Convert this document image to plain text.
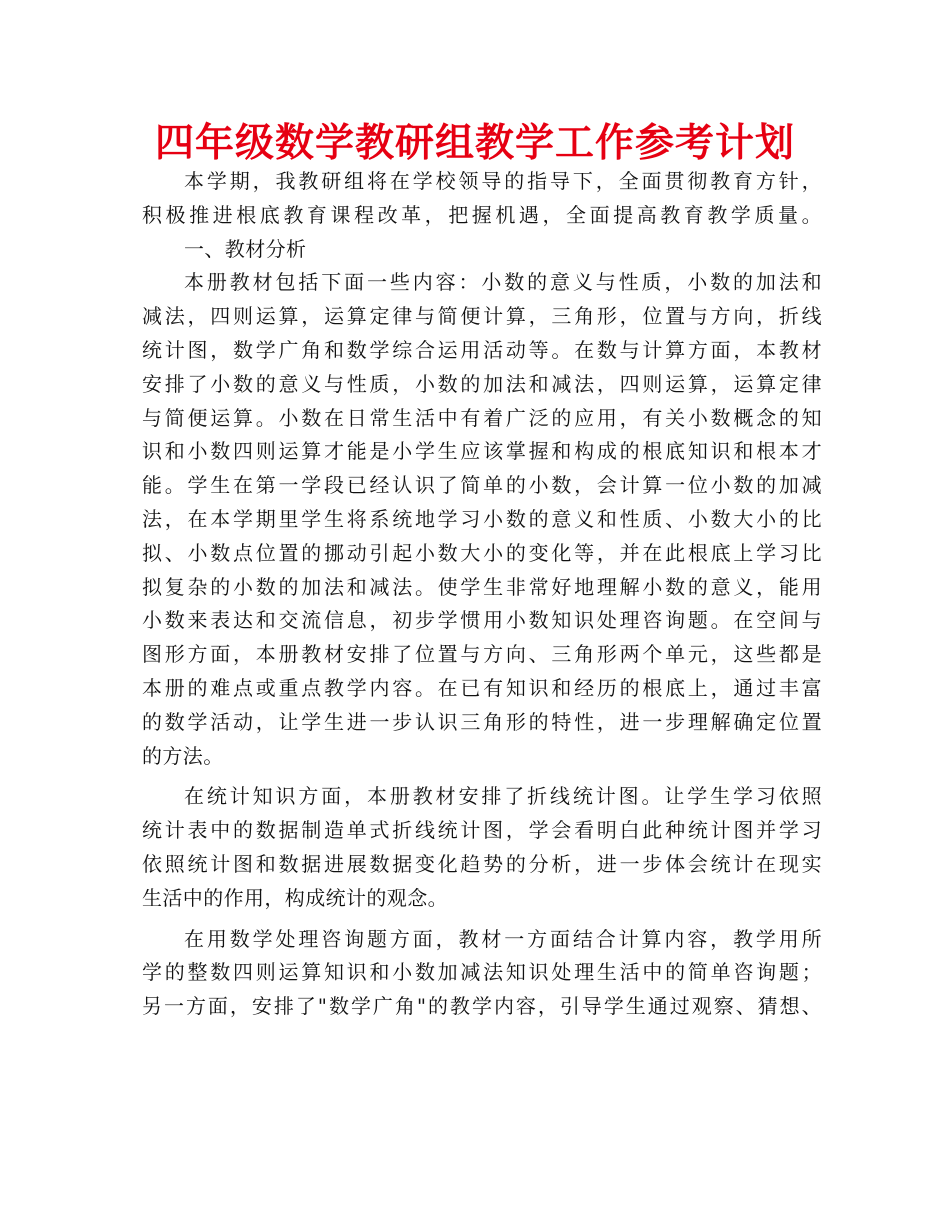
四年级数学教研组教学工作参考计划
本学期，我教研组将在学校领导的指导下，全面贯彻教育方针，
积极推进根底教育课程改革，把握机遇，全面提高教育教学质量。
一、教材分析
本册教材包括下面一些内容：小数的意义与性质，小数的加法和
减法，四则运算，运算定律与简便计算，三角形，位置与方向，折线
统计图，数学广角和数学综合运用活动等。在数与计算方面，本教材
安排了小数的意义与性质，小数的加法和减法，四则运算，运算定律
与简便运算。小数在日常生活中有着广泛的应用，有关小数概念的知
识和小数四则运算才能是小学生应该掌握和构成的根底知识和根本才
能。学生在第一学段已经认识了简单的小数，会计算一位小数的加减
法，在本学期里学生将系统地学习小数的意义和性质、小数大小的比
拟、小数点位置的挪动引起小数大小的变化等，并在此根底上学习比
拟复杂的小数的加法和减法。使学生非常好地理解小数的意义，能用
小数来表达和交流信息，初步学惯用小数知识处理咨询题。在空间与
图形方面，本册教材安排了位置与方向、三角形两个单元，这些都是
本册的难点或重点教学内容。在已有知识和经历的根底上，通过丰富
的数学活动，让学生进一步认识三角形的特性，进一步理解确定位置
的方法。
在统计知识方面，本册教材安排了折线统计图。让学生学习依照
统计表中的数据制造单式折线统计图，学会看明白此种统计图并学习
依照统计图和数据进展数据变化趋势的分析，进一步体会统计在现实
生活中的作用，构成统计的观念。
在用数学处理咨询题方面，教材一方面结合计算内容，教学用所
学的整数四则运算知识和小数加减法知识处理生活中的简单咨询题；
另一方面，安排了"数学广角"的教学内容，引导学生通过观察、猜想、
